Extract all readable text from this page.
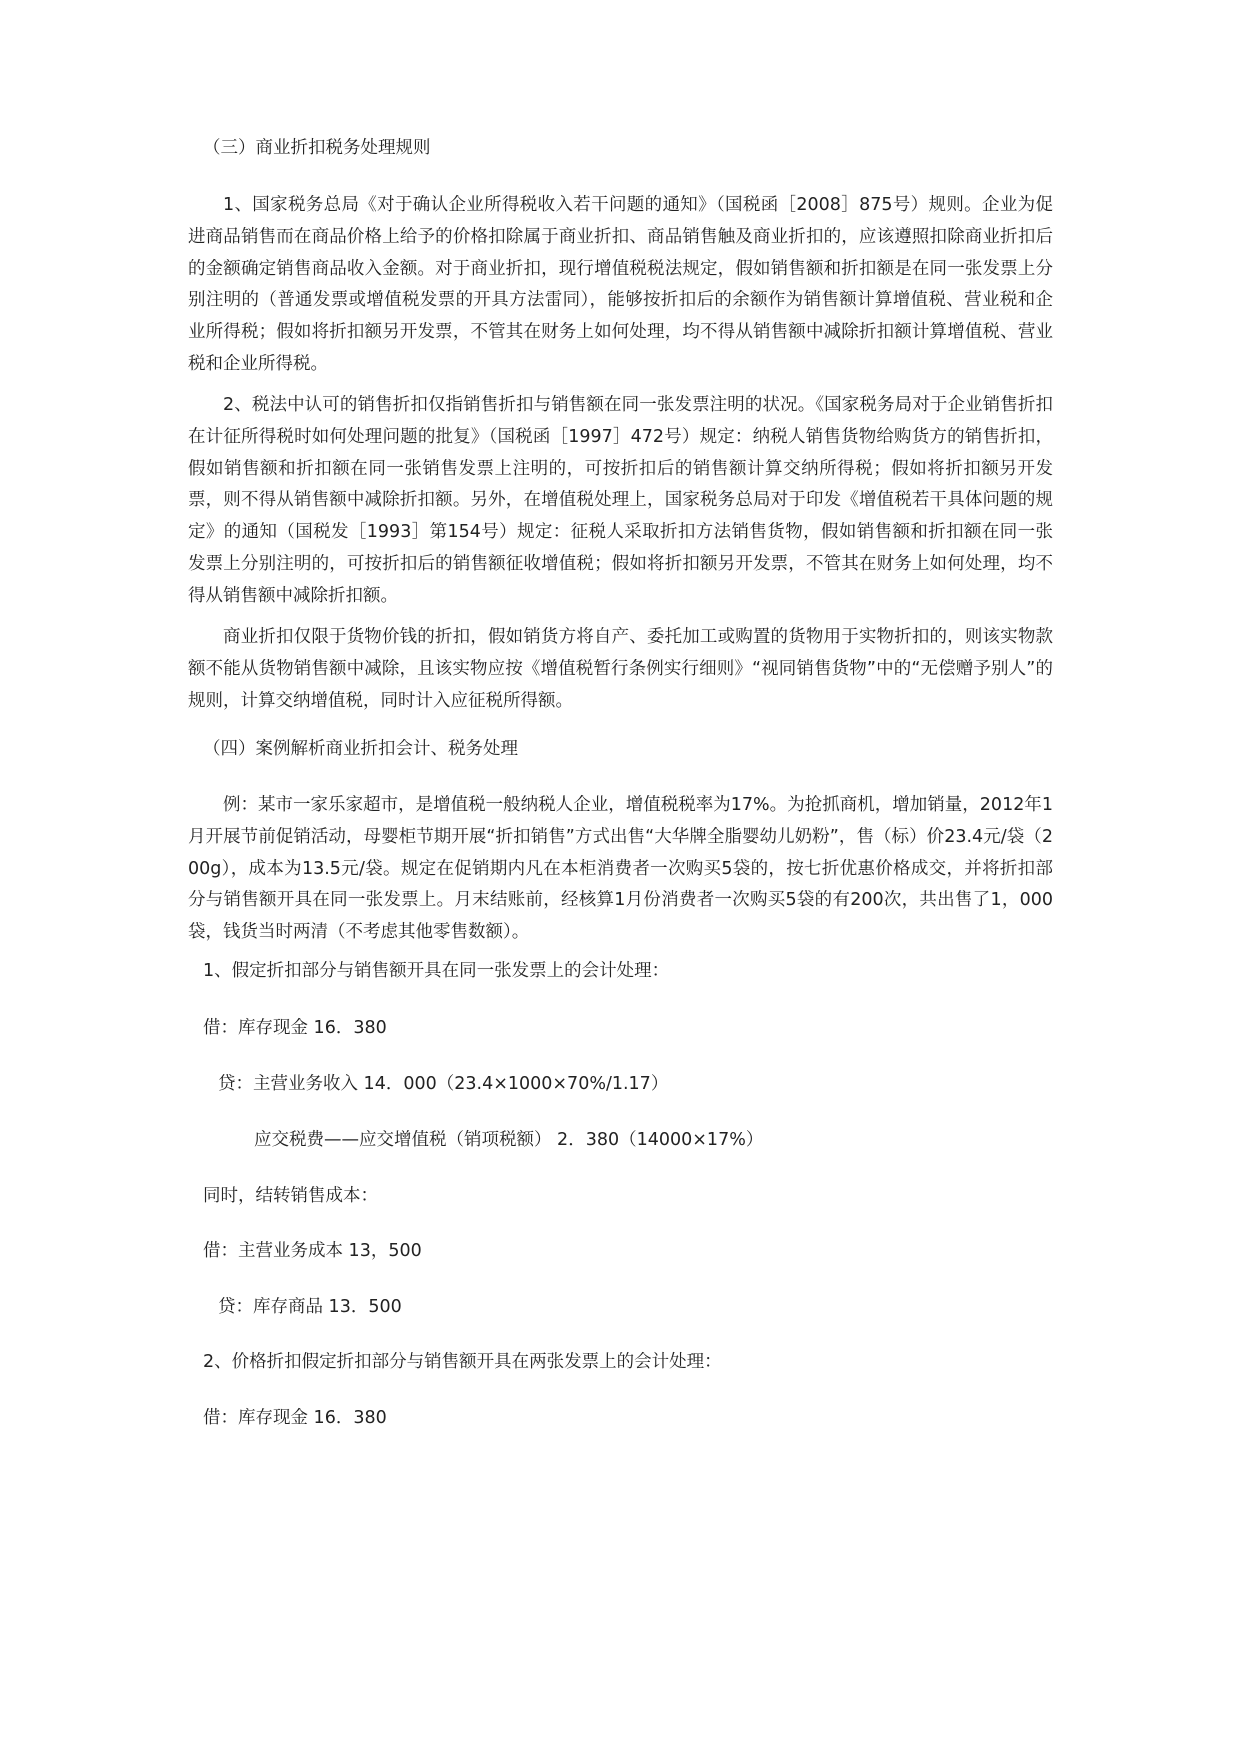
（三）商业折扣税务处理规则

1、国家税务总局《对于确认企业所得税收入若干问题的通知》（国税函［2008］875号）规则。企业为促进商品销售而在商品价格上给予的价格扣除属于商业折扣、商品销售触及商业折扣的，应该遵照扣除商业折扣后的金额确定销售商品收入金额。对于商业折扣，现行增值税税法规定，假如销售额和折扣额是在同一张发票上分别注明的（普通发票或增值税发票的开具方法雷同），能够按折扣后的余额作为销售额计算增值税、营业税和企业所得税；假如将折扣额另开发票，不管其在财务上如何处理，均不得从销售额中减除折扣额计算增值税、营业税和企业所得税。

2、税法中认可的销售折扣仅指销售折扣与销售额在同一张发票注明的状况。《国家税务局对于企业销售折扣在计征所得税时如何处理问题的批复》（国税函［1997］472号）规定：纳税人销售货物给购货方的销售折扣，假如销售额和折扣额在同一张销售发票上注明的，可按折扣后的销售额计算交纳所得税；假如将折扣额另开发票，则不得从销售额中减除折扣额。另外，在增值税处理上，国家税务总局对于印发《增值税若干具体问题的规定》的通知（国税发［1993］第154号）规定：征税人采取折扣方法销售货物，假如销售额和折扣额在同一张发票上分别注明的，可按折扣后的销售额征收增值税；假如将折扣额另开发票，不管其在财务上如何处理，均不得从销售额中减除折扣额。

商业折扣仅限于货物价钱的折扣，假如销货方将自产、委托加工或购置的货物用于实物折扣的，则该实物款额不能从货物销售额中减除，且该实物应按《增值税暂行条例实行细则》“视同销售货物”中的“无偿赠予别人”的规则，计算交纳增值税，同时计入应征税所得额。

（四）案例解析商业折扣会计、税务处理

例：某市一家乐家超市，是增值税一般纳税人企业，增值税税率为17%。为抢抓商机，增加销量，2012年1月开展节前促销活动，母婴柜节期开展“折扣销售”方式出售“大华牌全脂婴幼儿奶粉”，售（标）价23.4元/袋（200g），成本为13.5元/袋。规定在促销期内凡在本柜消费者一次购买5袋的，按七折优惠价格成交，并将折扣部分与销售额开具在同一张发票上。月末结账前，经核算1月份消费者一次购买5袋的有200次，共出售了1，000袋，钱货当时两清（不考虑其他零售数额）。

1、假定折扣部分与销售额开具在同一张发票上的会计处理：

借：库存现金 16．380

贷：主营业务收入 14．000（23.4×1000×70%/1.17）

应交税费——应交增值税（销项税额） 2．380（14000×17%）

同时，结转销售成本：

借：主营业务成本 13，500

贷：库存商品 13．500

2、价格折扣假定折扣部分与销售额开具在两张发票上的会计处理：

借：库存现金 16．380
